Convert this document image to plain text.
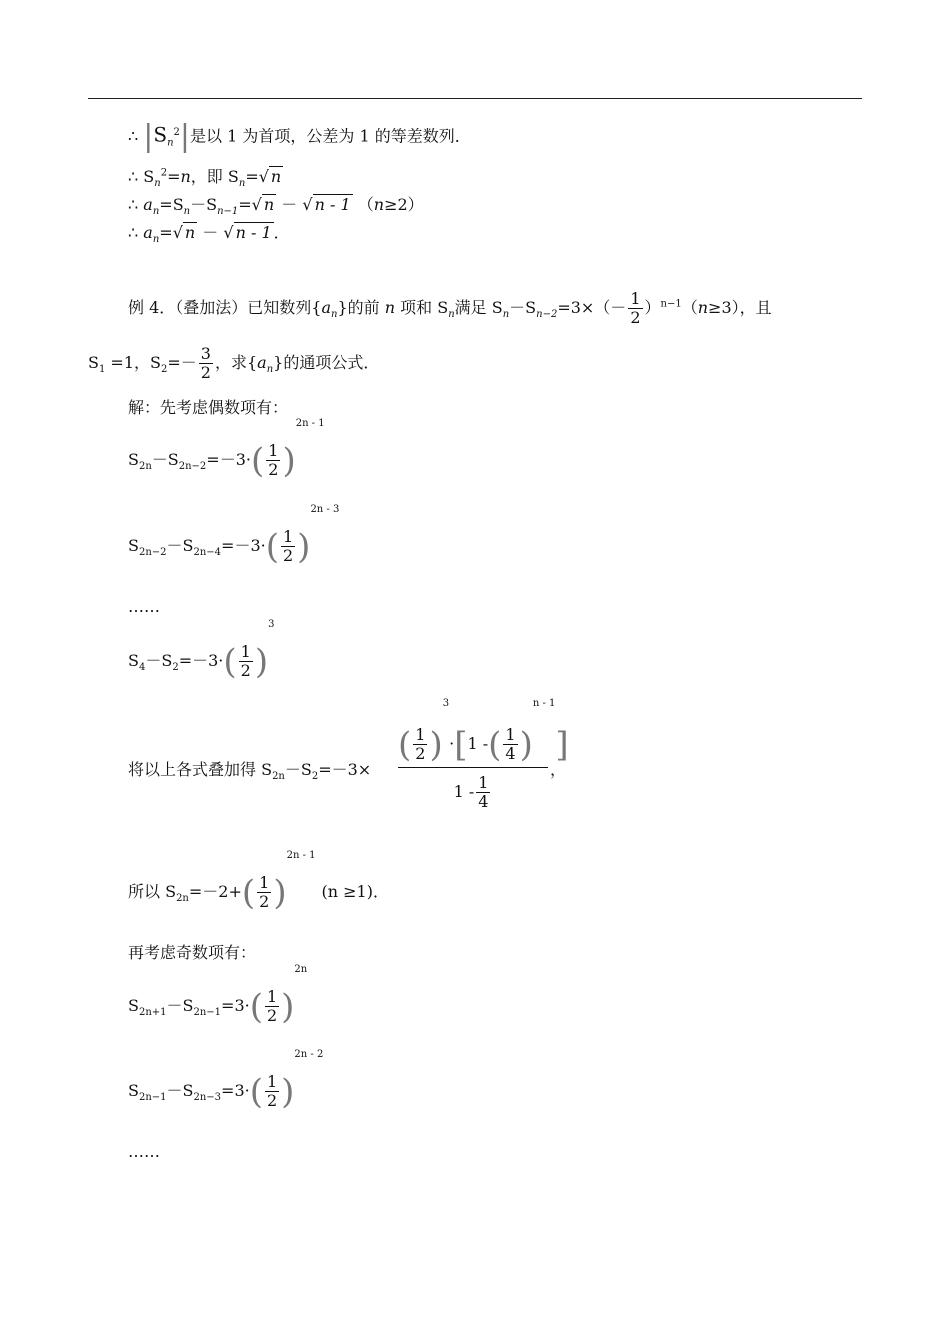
∴ $|S_n^2|$是以 1 为首项，公差为 1 的等差数列．
∴ $S_n^2=n$，即 $S_n=√$ n
∴ $a_n=S_n-S_{n-1}=√$ n － √ n - 1 （n≥2）
∴ $a_n=√$ n － √ n - 1 ．
例 4．（叠加法）已知数列$\{a_n\}$的前 n 项和 $S_n$满足 $S_n-S_{n-2}=3\times(- \frac{1}{2} )^{n-1}(n\ge 3)$，且
$S_1 =1$，$S_2=- \frac{3}{2}$ ，求$\{a_n\}$的通项公式．
解：先考虑偶数项有：
$S_{2n}-S_{2n-2}=-3\cdot( \frac{1}{2} )2n - 1$
$S_{2n-2}-S_{2n-4}=-3\cdot( \frac{1}{2} )2n - 3$
……
$S_4-S_2=-3\cdot( \frac{1}{2} )3$
将以上各式叠加得 $S_{2n}-S_2=-3\times$	，
( $\frac{1}{2} )3\cdot[1$ -( $\frac{1}{4} )n - 1$]
$1 - \frac{1}{4}$
所以 $S_{2n}=-2+( \frac{1}{2} )2n - 1(n \ge 1)$．
再考虑奇数项有：
$S_{2n+1}-S_{2n-1}=3\cdot( \frac{1}{2} )2n$
$S_{2n-1}-S_{2n-3}=3\cdot( \frac{1}{2} )2n - 2$
……
